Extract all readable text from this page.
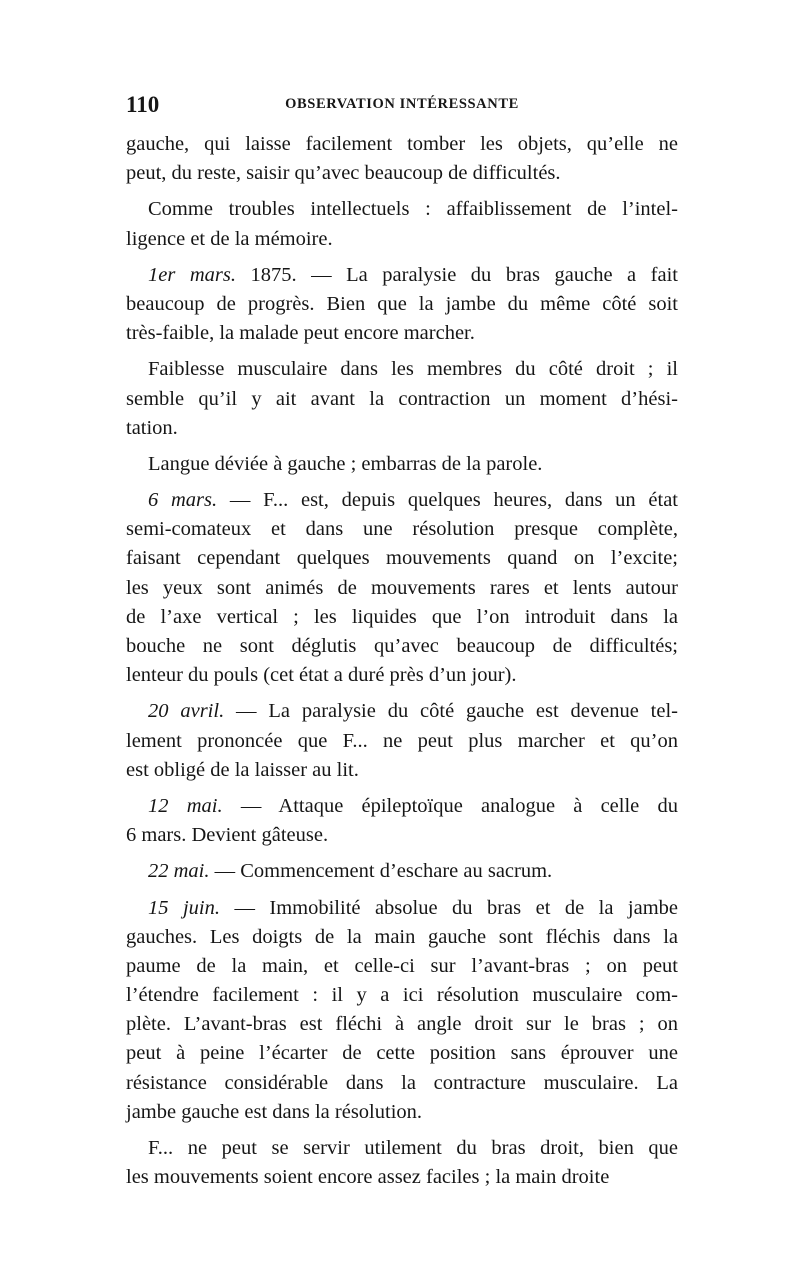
110	OBSERVATION INTÉRESSANTE
gauche, qui laisse facilement tomber les objets, qu’elle ne
peut, du reste, saisir qu’avec beaucoup de difficultés.
Comme troubles intellectuels : affaiblissement de l’intel-
ligence et de la mémoire.
1er mars. 1875. — La paralysie du bras gauche a fait
beaucoup de progrès. Bien que la jambe du même côté soit
très-faible, la malade peut encore marcher.
Faiblesse musculaire dans les membres du côté droit ; il
semble qu’il y ait avant la contraction un moment d’hési-
tation.
Langue déviée à gauche ; embarras de la parole.
6 mars. — F... est, depuis quelques heures, dans un état
semi-comateux et dans une résolution presque complète,
faisant cependant quelques mouvements quand on l’excite;
les yeux sont animés de mouvements rares et lents autour
de l’axe vertical ; les liquides que l’on introduit dans la
bouche ne sont déglutis qu’avec beaucoup de difficultés;
lenteur du pouls (cet état a duré près d’un jour).
20 avril. — La paralysie du côté gauche est devenue tel-
lement prononcée que F... ne peut plus marcher et qu’on
est obligé de la laisser au lit.
12 mai. — Attaque épileptoïque analogue à celle du
6 mars. Devient gâteuse.
22 mai. — Commencement d’eschare au sacrum.
15 juin. — Immobilité absolue du bras et de la jambe
gauches. Les doigts de la main gauche sont fléchis dans la
paume de la main, et celle-ci sur l’avant-bras ; on peut
l’étendre facilement : il y a ici résolution musculaire com-
plète. L’avant-bras est fléchi à angle droit sur le bras ; on
peut à peine l’écarter de cette position sans éprouver une
résistance considérable dans la contracture musculaire. La
jambe gauche est dans la résolution.
F... ne peut se servir utilement du bras droit, bien que
les mouvements soient encore assez faciles ; la main droite
